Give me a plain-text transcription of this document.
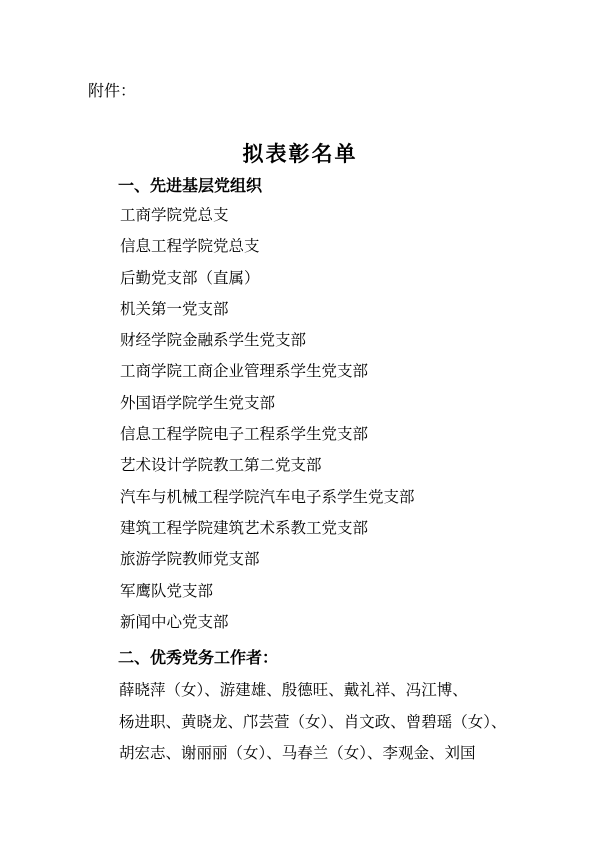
附件：
拟表彰名单
一、先进基层党组织
工商学院党总支
信息工程学院党总支
后勤党支部（直属）
机关第一党支部
财经学院金融系学生党支部
工商学院工商企业管理系学生党支部
外国语学院学生党支部
信息工程学院电子工程系学生党支部
艺术设计学院教工第二党支部
汽车与机械工程学院汽车电子系学生党支部
建筑工程学院建筑艺术系教工党支部
旅游学院教师党支部
军鹰队党支部
新闻中心党支部
二、优秀党务工作者：
薛晓萍（女）、游建雄、殷德旺、戴礼祥、冯江博、
杨进职、黄晓龙、邝芸萱（女）、肖文政、曾碧瑶（女）、
胡宏志、谢丽丽（女）、马春兰（女）、李观金、刘国
